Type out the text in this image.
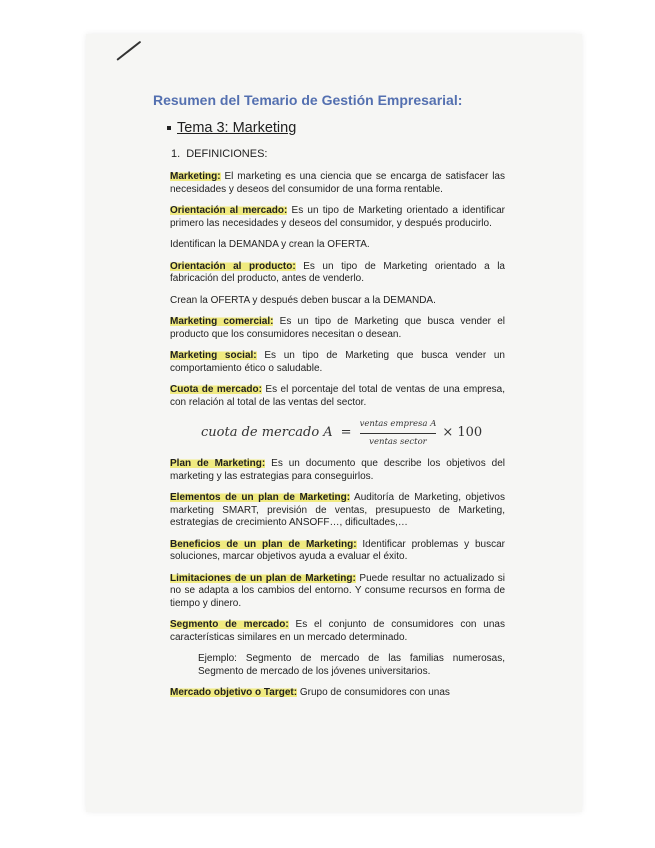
Resumen del Temario de Gestión Empresarial:
Tema 3: Marketing
1. DEFINICIONES:

Marketing: El marketing es una ciencia que se encarga de satisfacer las necesidades y deseos del consumidor de una forma rentable.

Orientación al mercado: Es un tipo de Marketing orientado a identificar primero las necesidades y deseos del consumidor, y después producirlo.

Identifican la DEMANDA y crean la OFERTA.

Orientación al producto: Es un tipo de Marketing orientado a la fabricación del producto, antes de venderlo.

Crean la OFERTA y después deben buscar a la DEMANDA.

Marketing comercial: Es un tipo de Marketing que busca vender el producto que los consumidores necesitan o desean.

Marketing social: Es un tipo de Marketing que busca vender un comportamiento ético o saludable.

Cuota de mercado: Es el porcentaje del total de ventas de una empresa, con relación al total de las ventas del sector.

cuota de mercado $A = \frac{\text{ventas empresa A}}{\text{ventas sector}} \times 100$

Plan de Marketing: Es un documento que describe los objetivos del marketing y las estrategias para conseguirlos.

Elementos de un plan de Marketing: Auditoría de Marketing, objetivos marketing SMART, previsión de ventas, presupuesto de Marketing, estrategias de crecimiento ANSOFF…, dificultades,…

Beneficios de un plan de Marketing: Identificar problemas y buscar soluciones, marcar objetivos ayuda a evaluar el éxito.

Limitaciones de un plan de Marketing: Puede resultar no actualizado si no se adapta a los cambios del entorno. Y consume recursos en forma de tiempo y dinero.

Segmento de mercado: Es el conjunto de consumidores con unas características similares en un mercado determinado.

Ejemplo: Segmento de mercado de las familias numerosas, Segmento de mercado de los jóvenes universitarios.

Mercado objetivo o Target: Grupo de consumidores con unas
